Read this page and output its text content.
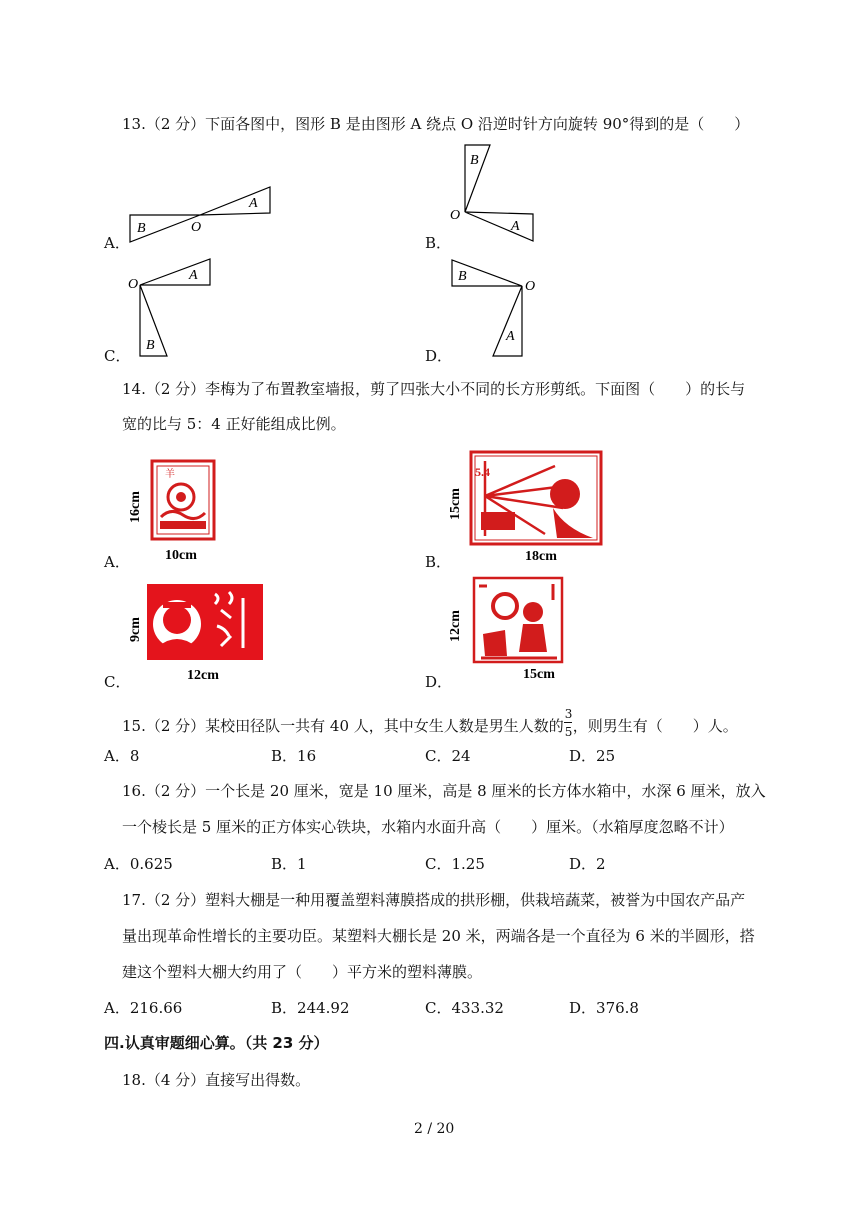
13.（2 分）下面各图中，图形 B 是由图形 A 绕点 O 沿逆时针方向旋转 90°得到的是（　　）
A．
B	O
A
B．
B
O
A
C．
A
O
B
D．
B
O
A
14.（2 分）李梅为了布置教室墙报，剪了四张大小不同的长方形剪纸。下面图（　　）的长与
宽的比与 5：4 正好能组成比例。
A．
羊
16cm
10cm	B．
5.4
15cm
18cm
C．
9cm
12cm	D．
12cm
15cm
15.（2 分）某校田径队一共有 40 人，其中女生人数是男生人数的
$\frac{3}{5}$
，则男生有（　　）人。
A．8	B．16	C．24	D．25
16.（2 分）一个长是 20 厘米，宽是 10 厘米，高是 8 厘米的长方体水箱中，水深 6 厘米，放入
一个棱长是 5 厘米的正方体实心铁块，水箱内水面升高（　　）厘米。（水箱厚度忽略不计）
A．0.625	B．1	C．1.25	D．2
17.（2 分）塑料大棚是一种用覆盖塑料薄膜搭成的拱形棚，供栽培蔬菜，被誉为中国农产品产
量出现革命性增长的主要功臣。某塑料大棚长是 20 米，两端各是一个直径为 6 米的半圆形，搭
建这个塑料大棚大约用了（　　）平方米的塑料薄膜。
A．216.66	B．244.92	C．433.32	D．376.8
四.认真审题细心算。（共 23 分）
18.（4 分）直接写出得数。
2 / 20
